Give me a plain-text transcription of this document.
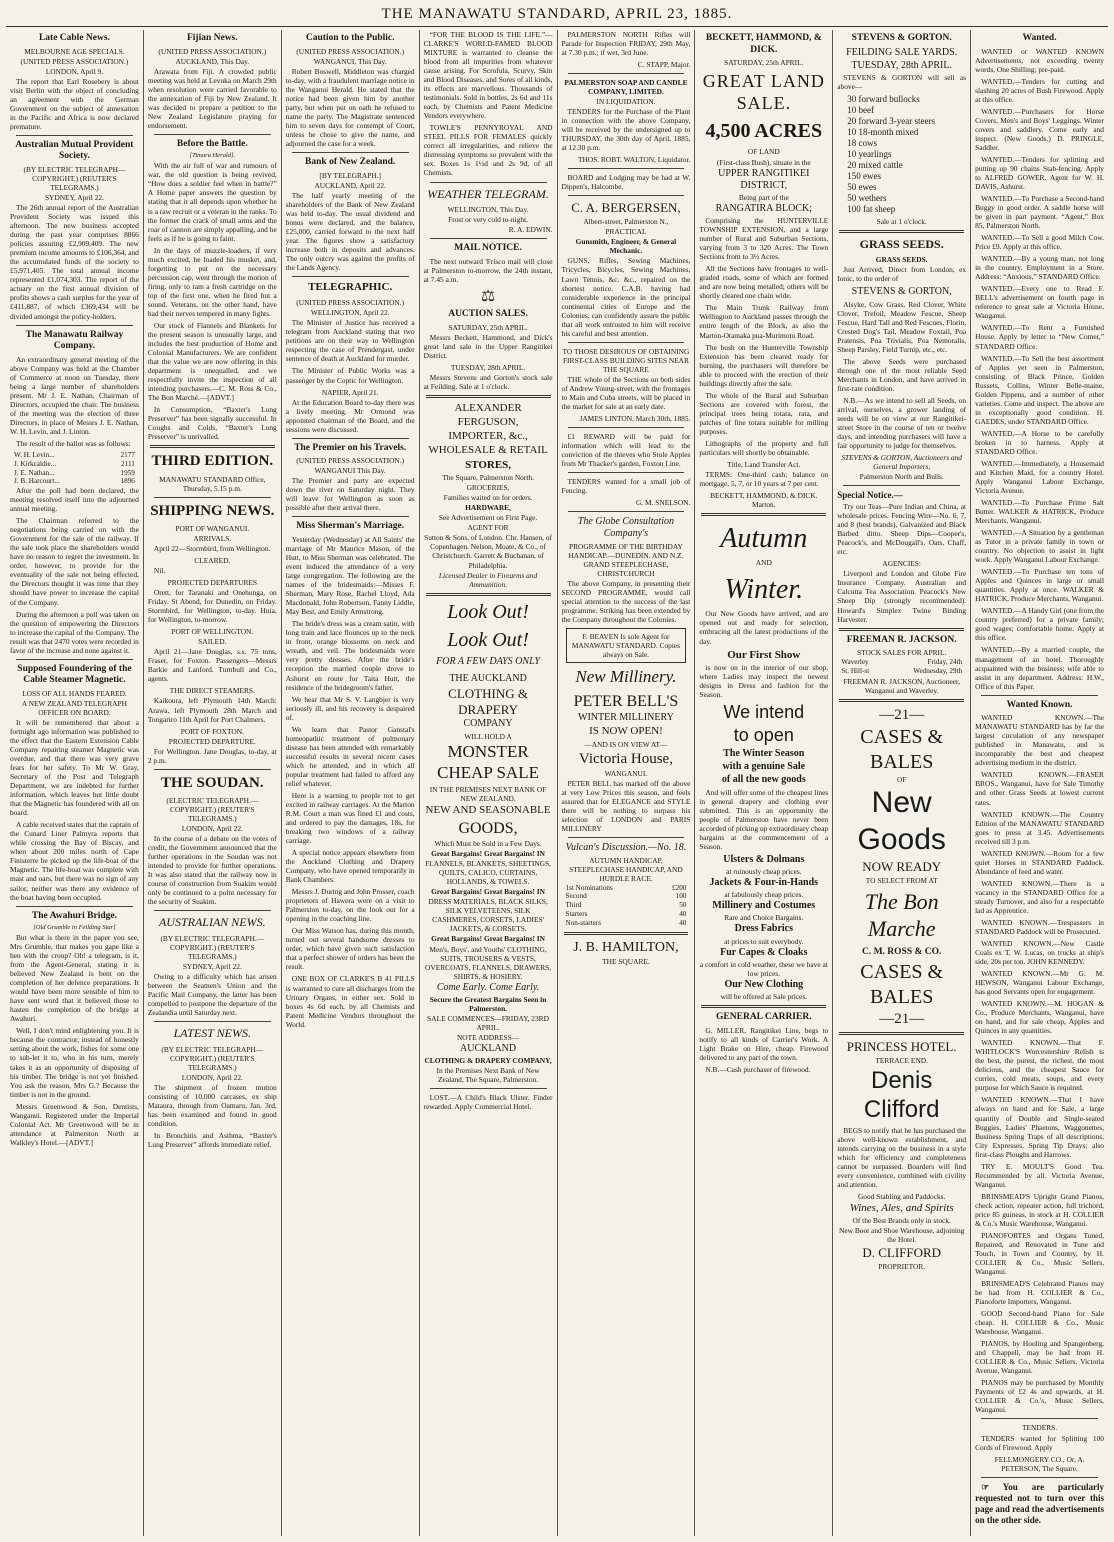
THE MANAWATU STANDARD, APRIL 23, 1885.
Late Cable News.
MELBOURNE AGE SPECIALS.
(UNITED PRESS ASSOCIATION.)
LONDON, April 9.
The report that Earl Rosebery is about visit Berlin with the object of concluding an agreement with the German Government on the subject of annexation in the Pacific and Africa is now declared premature.
Australian Mutual Provident Society.
(BY ELECTRIC TELEGRAPH—COPYRIGHT.) (REUTER'S TELEGRAMS.)
SYDNEY, April 22.
The 26th annual report of the Australian Provident Society was issued this afternoon. The new business accepted during the past year comprises 8866 policies assuring £2,909,409. The new premium income amounts to £106,364, and the accumulated funds of the society to £5,971,405. The total annual income represented £1,074,303. The report of the actuary on the first annual division of profits shows a cash surplus for the year of £411,887, of which £369,434 will be divided amongst the policy-holders.
The Manawatu Railway Company.
An extraordinary general meeting of the above Company was held at the Chamber of Commerce at noon on Tuesday, there being a large number of shareholders present. Mr J. E. Nathan, Chairman of Directors, occupied the chair. The business of the meeting was the election of three Directors, in place of Messrs J. E. Nathan, W. H. Levin, and J. Linton.
The result of the ballot was as follows:
W. H. Levin...	2177
J. Kirkcaldie...	2111
J. E. Nathan...	1959
J. B. Harcourt...	1896
After the poll had been declared, the meeting resolved itself into the adjourned annual meeting.
The Chairman referred to the negotiations being carried on with the Government for the sale of the railway. If the sale took place the shareholders would have no reason to regret the investment. In order, however, to provide for the eventuality of the sale not being effected, the Directors thought it was time that they should have power to increase the capital of the Company.
During the afternoon a poll was taken on the question of empowering the Directors to increase the capital of the Company. The result was that 2470 votes were recorded in favor of the increase and none against it.
Supposed Foundering of the Cable Steamer Magnetic.
LOSS OF ALL HANDS FEARED.
A NEW ZEALAND TELEGRAPH OFFICER ON BOARD.
It will be remembered that about a fortnight ago information was published to the effect that the Eastern Extension Cable Company repairing steamer Magnetic was overdue, and that there was very grave fears for her safety. To Mr W. Gray, Secretary of the Post and Telegraph Department, we are indebted for further information, which leaves but little doubt that the Magnetic has foundered with all on board.
A cable received states that the captain of the Cunard Liner Palmyra reports that while crossing the Bay of Biscay, and when about 200 miles north of Cape Finisterre he picked up the life-boat of the Magnetic. The life-boat was complete with mast and oars, but there was no sign of any sailor, neither was there any evidence of the boat having been occupied.
The Awahuri Bridge.
[Old Grumble in Feilding Star]
But what is there in the paper you see, Mrs Grumble, that makes you gape like a hen with the croup? Oh! a telegram, is it, from the Agent-General, stating it is believed New Zealand is bent on the completion of her defence preparations. It would have been more sensible of him to have sent word that it believed those to hasten the completion of the bridge at Awahuri.
Well, I don't mind enlightening you. It is because the contractor, instead of honestly setting about the work, fishes for some one to sub-let it to, who in his turn, merely takes it as an opportunity of disposing of his timber. The bridge is not yet finished. You ask the reason, Mrs G.? Because the timber is not in the ground.
Messrs Greenwood & Son, Dentists, Wanganui. Registered under the Imperial Colonial Act. Mr Greenwood will be in attendance at Palmerston North at Walkley's Hotel.—[ADVT.]
Fijian News.
(UNITED PRESS ASSOCIATION.)
AUCKLAND, This Day.
Arawata from Fiji. A crowded public meeting was held at Levuka on March 29th when resolution were carried favorable to the annexation of Fiji by New Zealand. It was decided to prepare a petition to the New Zealand Legislature praying for endorsement.
Before the Battle.
[Timaru Herald].
With the air full of war and rumours of war, the old question is being revived, “How does a soldier feel when in battle?” A Home paper answers the question by stating that it all depends upon whether he is a raw recruit or a veteran in the ranks. To the former the crack of small arms and the roar of cannon are simply appalling, and he feels as if he is going to faint.
In the days of muzzle-loaders, if very much excited, he loaded his musket, and, forgetting to put on the necessary percussion cap, went through the motion of firing, only to ram a fresh cartridge on the top of the first one, when he fired but a sound. Veterans, on the other hand, have had their nerves tempered in many fights.
Our stock of Flannels and Blankets for the present season is unusually large, and includes the best production of Home and Colonial Manufacturers. We are confident that the value we are now offering in this department is unequalled, and we respectfully invite the inspection of all intending purchasers.—C. M. Ross & Co., The Bon Marché.—[ADVT.]
In Consumption, “Baxter's Lung Preserver” has been signally successful. In Coughs and Colds, “Baxter's Lung Preserver” is unrivalled.
THIRD EDITION.
MANAWATU STANDARD Office, Thursday, 5.15 p.m.
SHIPPING NEWS.
PORT OF WANGANUI.
ARRIVALS.
April 22—Stormbird, from Wellington.
CLEARED.
Nil.
PROJECTED DEPARTURES
Orett, for Taranaki and Onehunga, on Friday. St Abend, for Dunedin, on Friday. Stormbird, for Wellington, to-day. Huia, for Wellington, to-morrow.
PORT OF WELLINGTON.
SAILED.
April 21—Jane Douglas, s.s. 75 tons, Fraser, for Foxton. Passengers—Messrs Barkie and Lanford. Turnbull and Co., agents.
THE DIRECT STEAMERS.
Kaikoura, left Plymouth 14th March: Arawa, left Plymouth 28th March and Tongariro 11th April for Port Chalmers.
PORT OF FOXTON.
PROJECTED DEPARTURE.
For Wellington. Jane Douglas, to-day, at 2 p.m.
THE SOUDAN.
(ELECTRIC TELEGRAPH.—COPYRIGHT.) (REUTER'S TELEGRAMS.)
LONDON, April 22.
In the course of a debate on the votes of credit, the Government announced that the further operations in the Soudan was not intended to provide for further operations. It was also stated that the railway now in course of construction from Suakim would only be continued to a point necessary for the security of Suakim.
AUSTRALIAN NEWS.
(BY ELECTRIC TELEGRAPH.—COPYRIGHT.) (REUTER'S TELEGRAMS.)
SYDNEY, April 22.
Owing to a difficulty which has arisen between the Seamen's Union and the Pacific Mail Company, the latter has been compelled to postpone the departure of the Zealandia until Saturday next.
LATEST NEWS.
(BY ELECTRIC TELEGRAPH—COPYRIGHT.) (REUTER'S TELEGRAMS.)
LONDON, April 22.
The shipment of frozen mutton consisting of 10,000 carcases, ex ship Mataura, through from Oamaru, Jan. 3rd, has been examined and found in good condition.
In Bronchitis and Asthma, “Baxter's Lung Preserver” affords immediate relief.
Caution to the Public.
(UNITED PRESS ASSOCIATION.)
WANGANUI, This Day.
Robert Boswell, Middleton was charged to-day, with a fraudulent marriage notice in the Wanganui Herald. He stated that the notice had been given him by another party, but when put on oath he refused to name the party. The Magistrate sentenced him to seven days for contempt of Court, unless he chose to give the name, and adjourned the case for a week.
Bank of New Zealand.
[BY TELEGRAPH.]
AUCKLAND, April 22.
The half yearly meeting of the shareholders of the Bank of New Zealand was held to-day. The usual dividend and bonus were declared, and the balance, £25,000, carried forward to the next half year. The figures show a satisfactory increase both in deposits and advances. The only outcry was against the profits of the Lands Agency.
TELEGRAPHIC.
(UNITED PRESS ASSOCIATION.)
WELLINGTON, April 22.
The Minister of Justice has received a telegram from Auckland stating that two petitions are on their way to Wellington respecting the case of Prendergast, under sentence of death at Auckland for murder.
The Minister of Public Works was a passenger by the Coptic for Wellington.
NAPIER, April 21.
At the Education Board to-day there was a lively meeting. Mr Ormond was appointed chairman of the Board, and the sessions were discussed.
The Premier on his Travels.
(UNITED PRESS ASSOCIATION.)
WANGANUI This Day.
The Premier and party are expected down the river on Saturday night. They will leave for Wellington as soon as possible after their arrival there.
Miss Sherman's Marriage.
Yesterday (Wednesday) at All Saints' the marriage of Mr Maurice Mason, of the Hutt, to Miss Sherman was celebrated. The event induced the attendance of a very large congregation. The following are the names of the bridesmaids:—Misses F. Sherman, Mary Rose, Rachel Lloyd, Ada Macdonald, John Robertson, Fanny Liddle, May Best, and Emily Armstrong.
The bride's dress was a cream satin, with long train and lace flounces up to the neck in front, orange blossoms on neck and wreath, and veil. The bridesmaids wore very pretty dresses. After the bride's reception the married couple drove to Ashurst en route for Taita Hutt, the residence of the bridegroom's father.
We hear that Mr S. V. Langbjer is very seriously ill, and his recovery is despaired of.
We learn that Pastor Ganstal's homeopathic treatment of pulmonary disease has been attended with remarkably successful results in several recent cases which he attended, and in which all popular treatment had failed to afford any relief whatever.
Here is a warning to people not to get excited in railway carriages. At the Marton R.M. Court a man was fined £1 and costs, and ordered to pay the damages, 18s, for breaking two windows of a railway carriage.
A special notice appears elsewhere from the Auckland Clothing and Drapery Company, who have opened temporarily in Bank Chambers.
Messrs J. During and John Prosser, coach proprietors of Hawera were on a visit to Palmerston to-day, on the look out for a opening in the coaching line.
Our Miss Watson has, during this month, turned out several handsome dresses to order, which have given such satisfaction that a perfect shower of orders has been the result.
ONE BOX OF CLARKE'S B 41 PILLS is warranted to cure all discharges from the Urinary Organs, in either sex. Sold in boxes 4s 6d each, by all Chemists and Patent Medicine Vendors throughout the World.
“FOR THE BLOOD IS THE LIFE.”—CLARKE'S WORLD-FAMED BLOOD MIXTURE is warranted to cleanse the blood from all impurities from whatever cause arising. For Scrofula, Scurvy, Skin and Blood Diseases, and Sores of all kinds, its effects are marvellous. Thousands of testimonials. Sold in bottles, 2s 6d and 11s each, by Chemists and Patent Medicine Vendors everywhere.
TOWLE'S PENNYROYAL AND STEEL PILLS FOR FEMALES quickly correct all irregularities, and relieve the distressing symptoms so prevalent with the sex. Boxes 1s 1½d and 2s 9d, of all Chemists.
WEATHER TELEGRAM.
WELLINGTON, This Day.
Frost or very cold to-night.
R. A. EDWIN.
MAIL NOTICE.
The next outward 'Frisco mail will close at Palmerston to-morrow, the 24th instant, at 7.45 a.m.
⚖
AUCTION SALES.
SATURDAY, 25th APRIL.
Messrs Beckett, Hammond, and Dick's great land sale in the Upper Rangitikei District.
TUESDAY, 28th APRIL.
Messrs Stevens and Gorton's stock sale at Feilding. Sale at 1 o'clock.
ALEXANDER FERGUSON,
IMPORTER, &c.,
WHOLESALE & RETAIL
STORES,
The Square, Palmerston North.
GROCERIES,
Families waited on for orders.
HARDWARE,
See Advertisement on First Page.
AGENT FOR
Sutton & Sons, of London. Chr. Hansen, of Copenhagen. Nelson, Moate, & Co., of Christchurch. Garrett & Buchanan, of Philadelphia.
Licensed Dealer in Firearms and Ammunition.
Look Out!
Look Out!
FOR A FEW DAYS ONLY
THE AUCKLAND
CLOTHING & DRAPERY
COMPANY
WILL HOLD A
MONSTER
CHEAP SALE
IN THE PREMISES NEXT BANK OF NEW ZEALAND.
NEW AND SEASONABLE
GOODS,
Which Must be Sold in a Few Days.
Great Bargains! Great Bargains! IN
FLANNELS, BLANKETS, SHEETINGS, QUILTS, CALICO, CURTAINS, HOLLANDS, & TOWELS.
Great Bargains! Great Bargains! IN
DRESS MATERIALS, BLACK SILKS, SILK VELVETEENS, SILK CASHMERES, CORSETS, LADIES' JACKETS, & CORSETS.
Great Bargains! Great Bargains! IN
Men's, Boys', and Youths' CLOTHING, SUITS, TROUSERS & VESTS, OVERCOATS, FLANNELS, DRAWERS, SHIRTS, & HOSIERY.
Come Early. Come Early.
Secure the Greatest Bargains Seen in Palmerston.
SALE COMMENCES—FRIDAY, 23RD APRIL.
NOTE ADDRESS—
AUCKLAND
CLOTHING & DRAPERY COMPANY,
In the Premises Next Bank of New Zealand, The Square, Palmerston.
LOST.—A Child's Black Ulster. Finder rewarded. Apply Commercial Hotel.
PALMERSTON NORTH Rifles will Parade for Inspection FRIDAY, 29th May, at 7.30 p.m.; if wet, 3rd June.
C. STAPP, Major.
PALMERSTON SOAP AND CANDLE COMPANY, LIMITED.
IN LIQUIDATION.
TENDERS for the Purchase of the Plant in connection with the above Company, will be received by the undersigned up to THURSDAY, the 30th day of April, 1885, at 12.30 p.m.
THOS. ROBT. WALTON, Liquidator.
BOARD and Lodging may be had at W. Dippen's, Halcombe.
C. A. BERGERSEN,
Albert-street, Palmerston N.,
PRACTICAL
Gunsmith, Engineer, & General Mechanic.
GUNS, Rifles, Sewing Machines, Tricycles, Bicycles, Sewing Machines, Lawn Tennis, &c. &c., repaired on the shortest notice. C.A.B. having had considerable experience in the principal continental cities of Europe and the Colonies, can confidently assure the public that all work entrusted to him will receive his careful and best attention.
TO THOSE DESIROUS OF OBTAINING FIRST-CLASS BUILDING SITES NEAR THE SQUARE
THE whole of the Sections on both sides of Andrew Young-street, with the frontages to Main and Cuba streets, will be placed in the market for sale at an early date.
JAMES LINTON. March 30th, 1885.
£1 REWARD will be paid for information which will lead to the conviction of the thieves who Stole Apples from Mr Thacker's garden, Foxton Line.
TENDERS wanted for a small job of Fencing.
G. M. SNELSON.
The Globe Consultation Company's
PROGRAMME OF THE BIRTHDAY HANDICAP.—DUNEDIN. AND N.Z. GRAND STEEPLECHASE, CHRISTCHURCH
The above Company, in presenting their SECOND PROGRAMME, would call special attention to the success of the last programme. Striking has been extended by the Company throughout the Colonies.
F. BEAVEN Is sole Agent for MANAWATU STANDARD. Copies always on Sale.
New Millinery.
PETER BELL'S
WINTER MILLINERY
IS NOW OPEN!
—AND IS ON VIEW AT—
Victoria House,
WANGANUI.
PETER BELL has marked off the above at very Low Prices this season, and feels assured that for ELEGANCE and STYLE there will be nothing to surpass his selection of LONDON and PARIS MILLINERY
Vulcan's Discussion.—No. 18.
AUTUMN HANDICAP, STEEPLECHASE HANDICAP, AND HURDLE RACE.
1st Nominations	£200
Second	100
Third	50
Starters	40
Non-starters	40
J. B. HAMILTON,
THE SQUARE.
BECKETT, HAMMOND, & DICK.
SATURDAY, 25th APRIL.
GREAT LAND SALE.
4,500 ACRES
OF LAND
(First-class Bush), situate in the
UPPER RANGITIKEI DISTRICT,
Being part of the
RANGATIRA BLOCK;
Comprising the HUNTERVILLE TOWNSHIP EXTENSION, and a large number of Rural and Suburban Sections, varying from 3 to 320 Acres. The Town Sections from to 3½ Acres.
All the Sections have frontages to well-graded roads, some of which are formed and are now being metalled; others will be shortly cleared one chain wide.
The Main Trunk Railway from Wellington to Auckland passes through the entire length of the Block, as also the Marton-Otamaka pua-Murimotu Road.
The bush on the Hunterville Township Extension has been cleared ready for burning, the purchasers will therefore be able to proceed with the erection of their buildings directly after the sale.
The whole of the Rural and Suburban Sections are covered with forest, the principal trees being totara, rata, and patches of fine totara suitable for milling purposes.
Lithographs of the property and full particulars will shortly be obtainable.
Title, Land Transfer Act.
TERMS: One-third cash; balance on mortgage, 5, 7, or 10 years at 7 per cent.
BECKETT, HAMMOND, & DICK. Marton.
Autumn
AND
Winter.
Our New Goods have arrived, and are opened out and ready for selection, embracing all the latest productions of the day.
Our First Show
is now on in the interior of our shop, where Ladies may inspect the newest designs in Dress and fashion for the Season.
We intend
to open
The Winter Season
with a genuine Sale
of all the new goods
And will offer some of the cheapest lines in general drapery and clothing ever submitted. This is an opportunity the people of Palmerston have never been accorded of picking up extraordinary cheap bargains at the commencement of a Season.
Ulsters & Dolmans
at ruinously cheap prices.
Jackets & Four-in-Hands
at fabulously cheap prices.
Millinery and Costumes
Rare and Choice Bargains.
Dress Fabrics
at prices to suit everybody.
Fur Capes & Cloaks
a comfort in cold weather, these we have at low prices.
Our New Clothing
will be offered at Sale prices.
GENERAL CARRIER.
G. MILLER, Rangitikei Line, begs to notify to all kinds of Carrier's Work. A Light Brake on Hire, cheap. Firewood delivered to any part of the town.
N.B.—Cash purchaser of firewood.
STEVENS & GORTON.
FEILDING SALE YARDS.
TUESDAY, 28th APRIL.
STEVENS & GORTON will sell as above—
30 forward bullocks
10 beef
20 forward 3-year steers
10 18-month mixed
18 cows
10 yearlings
20 mixed cattle
150 ewes
50 ewes
50 wethers
100 fat sheep
Sale at 1 o'clock.
GRASS SEEDS.
GRASS SEEDS.
Just Arrived, Direct from London, ex Ionic, to the order of
STEVENS & GORTON,
Alsyke, Cow Grass, Red Clover, White Clover, Trefoil, Meadow Fescue, Sheep Fescue, Hard Tall and Red Fescues, Florin, Crested Dog's Tail, Meadow Foxtail, Poa Pratensis, Poa Trivialis, Poa Nemoralis, Sheep Parsley, Field Turnip, etc., etc.
The above Seeds were purchased through one of the most reliable Seed Merchants in London, and have arrived in first-rate condition.
N.B.—As we intend to sell all Seeds, on arrival, ourselves, a grower landing of seeds will be on view at our Rangitikei-street Store in the course of ten or twelve days, and intending purchasers will have a fair opportunity to judge for themselves.
STEVENS & GORTON, Auctioneers and General Importers,
Palmerston North and Bulls.
Special Notice.—
Try our Teas—Pure Indian and China, at wholesale prices. Fencing Wire—No. 6, 7, and 8 (best brands), Galvanized and Black Barbed ditto. Sheep Dips—Cooper's, Peacock's, and McDougall's. Oats, Chaff, etc.
AGENCIES:
Liverpool and London and Globe Fire Insurance Company. Australian and Calcutta Tea Association. Peacock's New Sheep Dip (strongly recommended). Howard's Simplex Twine Binding Harvester.
FREEMAN R. JACKSON.
STOCK SALES FOR APRIL.
Waverley	Friday, 24th
St. Hill-st	Wednesday, 29th
FREEMAN R. JACKSON, Auctioneer, Wanganui and Waverley.
—21—
CASES & BALES
OF
New Goods
NOW READY
TO SELECT FROM AT
The Bon Marche
C. M. ROSS & CO.
CASES & BALES
—21—
PRINCESS HOTEL.
TERRACE END.
Denis Clifford
BEGS to notify that he has purchased the above well-known establishment, and intends carrying on the business in a style which for efficiency and completeness cannot be surpassed. Boarders will find every convenience, combined with civility and attention.
Good Stabling and Paddocks.
Wines, Ales, and Spirits
Of the Best Brands only in stock.
New Boot and Shoe Warehouse, adjoining the Hotel.
D. CLIFFORD
PROPRIETOR.
Wanted.
WANTED or WANTED KNOWN Advertisements, not exceeding twenty words, One Shilling; pre-paid.
WANTED.—Tenders for cutting and slashing 20 acres of Bush Firewood. Apply at this office.
WANTED.—Purchasers for Horse Covers, Men's and Boys' Leggings. Winter covers and saddlery. Come early and inspect. (New Goods.) D. PRINGLE, Saddler.
WANTED.—Tenders for splitting and putting up 90 chains Stab-fencing. Apply to ALFRED GOWER, Agent for W. H. DAVIS, Ashurst.
WANTED.—To Purchase a Second-hand Buggy in good order. A saddle horse will be given in part payment. “Agent,” Box 85, Palmerston North.
WANTED.—To Sell a good Milch Cow. Price £9. Apply at this office.
WANTED.—By a young man, not long in the country. Employment in a Store. Address: “Anxious,” STANDARD Office.
WANTED.—Every one to Read F. BELL's advertisement on fourth page in reference to great sale at Victoria House, Wanganui.
WANTED.—To Rent a Furnished House. Apply by letter to “New Comer,” STANDARD Office.
WANTED.—To Sell the best assortment of Apples yet seen in Palmerston, consisting of Black Prince, Golden Russets, Collins, Winter Belle-maine, Golden Pippens, and a number of other varieties. Come and inspect. The above are in exceptionally good condition. H. GAEDES, under STANDARD Office.
WANTED.—A Horse to be carefully broken in to harness. Apply at STANDARD Office.
WANTED.—Immediately, a Housemaid and Kitchen Maid, for a country Hotel. Apply Wanganui Labour Exchange, Victoria Avenue.
WANTED.—To Purchase Prime Salt Butter. WALKER & HATRICK, Produce Merchants, Wanganui.
WANTED.—A Situation by a gentleman as Tutor in a private family in town or country. No objection to assist in light work. Apply Wanganui Labour Exchange.
WANTED.—To Purchase ten tons of Apples and Quinces in large or small quantities. Apply at once. WALKER & HATRICK, Produce Merchants, Wanganui.
WANTED.—A Handy Girl (one from the country preferred) for a private family; good wages; comfortable home. Apply at this office.
WANTED.—By a married couple, the management of an hotel. Thoroughly acquainted with the business; wife able to assist in any department. Address: H.W., Office of this Paper.
Wanted Known.
WANTED KNOWN.—The MANAWATU STANDARD has by far the largest circulation of any newspaper published in Manawatu, and is incomparably the best and cheapest advertising medium in the district.
WANTED KNOWN.—FRASER BROS., Wanganui, have for Sale Timothy and other Grass Seeds at lowest current rates.
WANTED KNOWN.—The Country Edition of the MANAWATU STANDARD goes to press at 3.45. Advertisements received till 3 p.m.
WANTED KNOWN.—Room for a few quiet Horses in STANDARD Paddock. Abundance of feed and water.
WANTED KNOWN.—There is a vacancy in the STANDARD Office for a steady Turnover, and also for a respectable lad as Apprentice.
WANTED KNOWN.—Trespassers in STANDARD Paddock will be Prosecuted.
WANTED KNOWN.—New Castle Coals ex T. W. Lucas, on trucks at ship's side, 20s per ton. JOHN KENNEDY.
WANTED KNOWN.—Mr G. M. HEWSON, Wanganui Labour Exchange, has good Servants open for engagement.
WANTED KNOWN.—M. HOGAN & Co., Produce Merchants, Wanganui, have on hand, and for sale cheap, Apples and Quinces in any quantities.
WANTED KNOWN.—That F. WHITLOCK'S Worcestershire Relish is the best, the purest, the richest, the most delicious, and the cheapest Sauce for curries, cold meats, soups, and every purpose for which Sauce is required.
WANTED KNOWN.—That I have always on hand and for Sale, a large quantity of Double and Single-seated Buggies, Ladies' Phaetons, Waggonettes, Business Spring Traps of all descriptions, City Expresses, Spring Tip Drays; also first-class Ploughs and Harrows.
TRY E. MOULT'S Good Tea. Recommended by all. Victoria Avenue, Wanganui.
BRINSMEAD'S Upright Grand Pianos, check action, repeater action, full trichord, price 85 guineas, in stock at H. COLLIER & Co.'s Music Warehouse, Wanganui.
PIANOFORTES and Organs Tuned, Repaired, and Renovated in Tune and Touch, in Town and Country, by H. COLLIER & Co., Music Sellers, Wanganui.
BRINSMEAD'S Celebrated Pianos may be had from H. COLLIER & Co., Pianoforte Importers, Wanganui.
GOOD Second-hand Piano for Sale cheap. H. COLLIER & Co., Music Warehouse, Wanganui.
PIANOS, by Hooling and Spangenberg, and Chappell, may be had from H. COLLIER & Co., Music Sellers, Victoria Avenue, Wanganui.
PIANOS may be purchased by Monthly Payments of £2 4s and upwards, at H. COLLIER & Co.'s, Music Sellers, Wanganui.
TENDERS.
TENDERS wanted for Splitting 100 Cords of Firewood. Apply
FELLMONGERY CO., Or, A. PETERSON, The Square.
☞ You are particularly requested not to turn over this page and read the advertisements on the other side.
